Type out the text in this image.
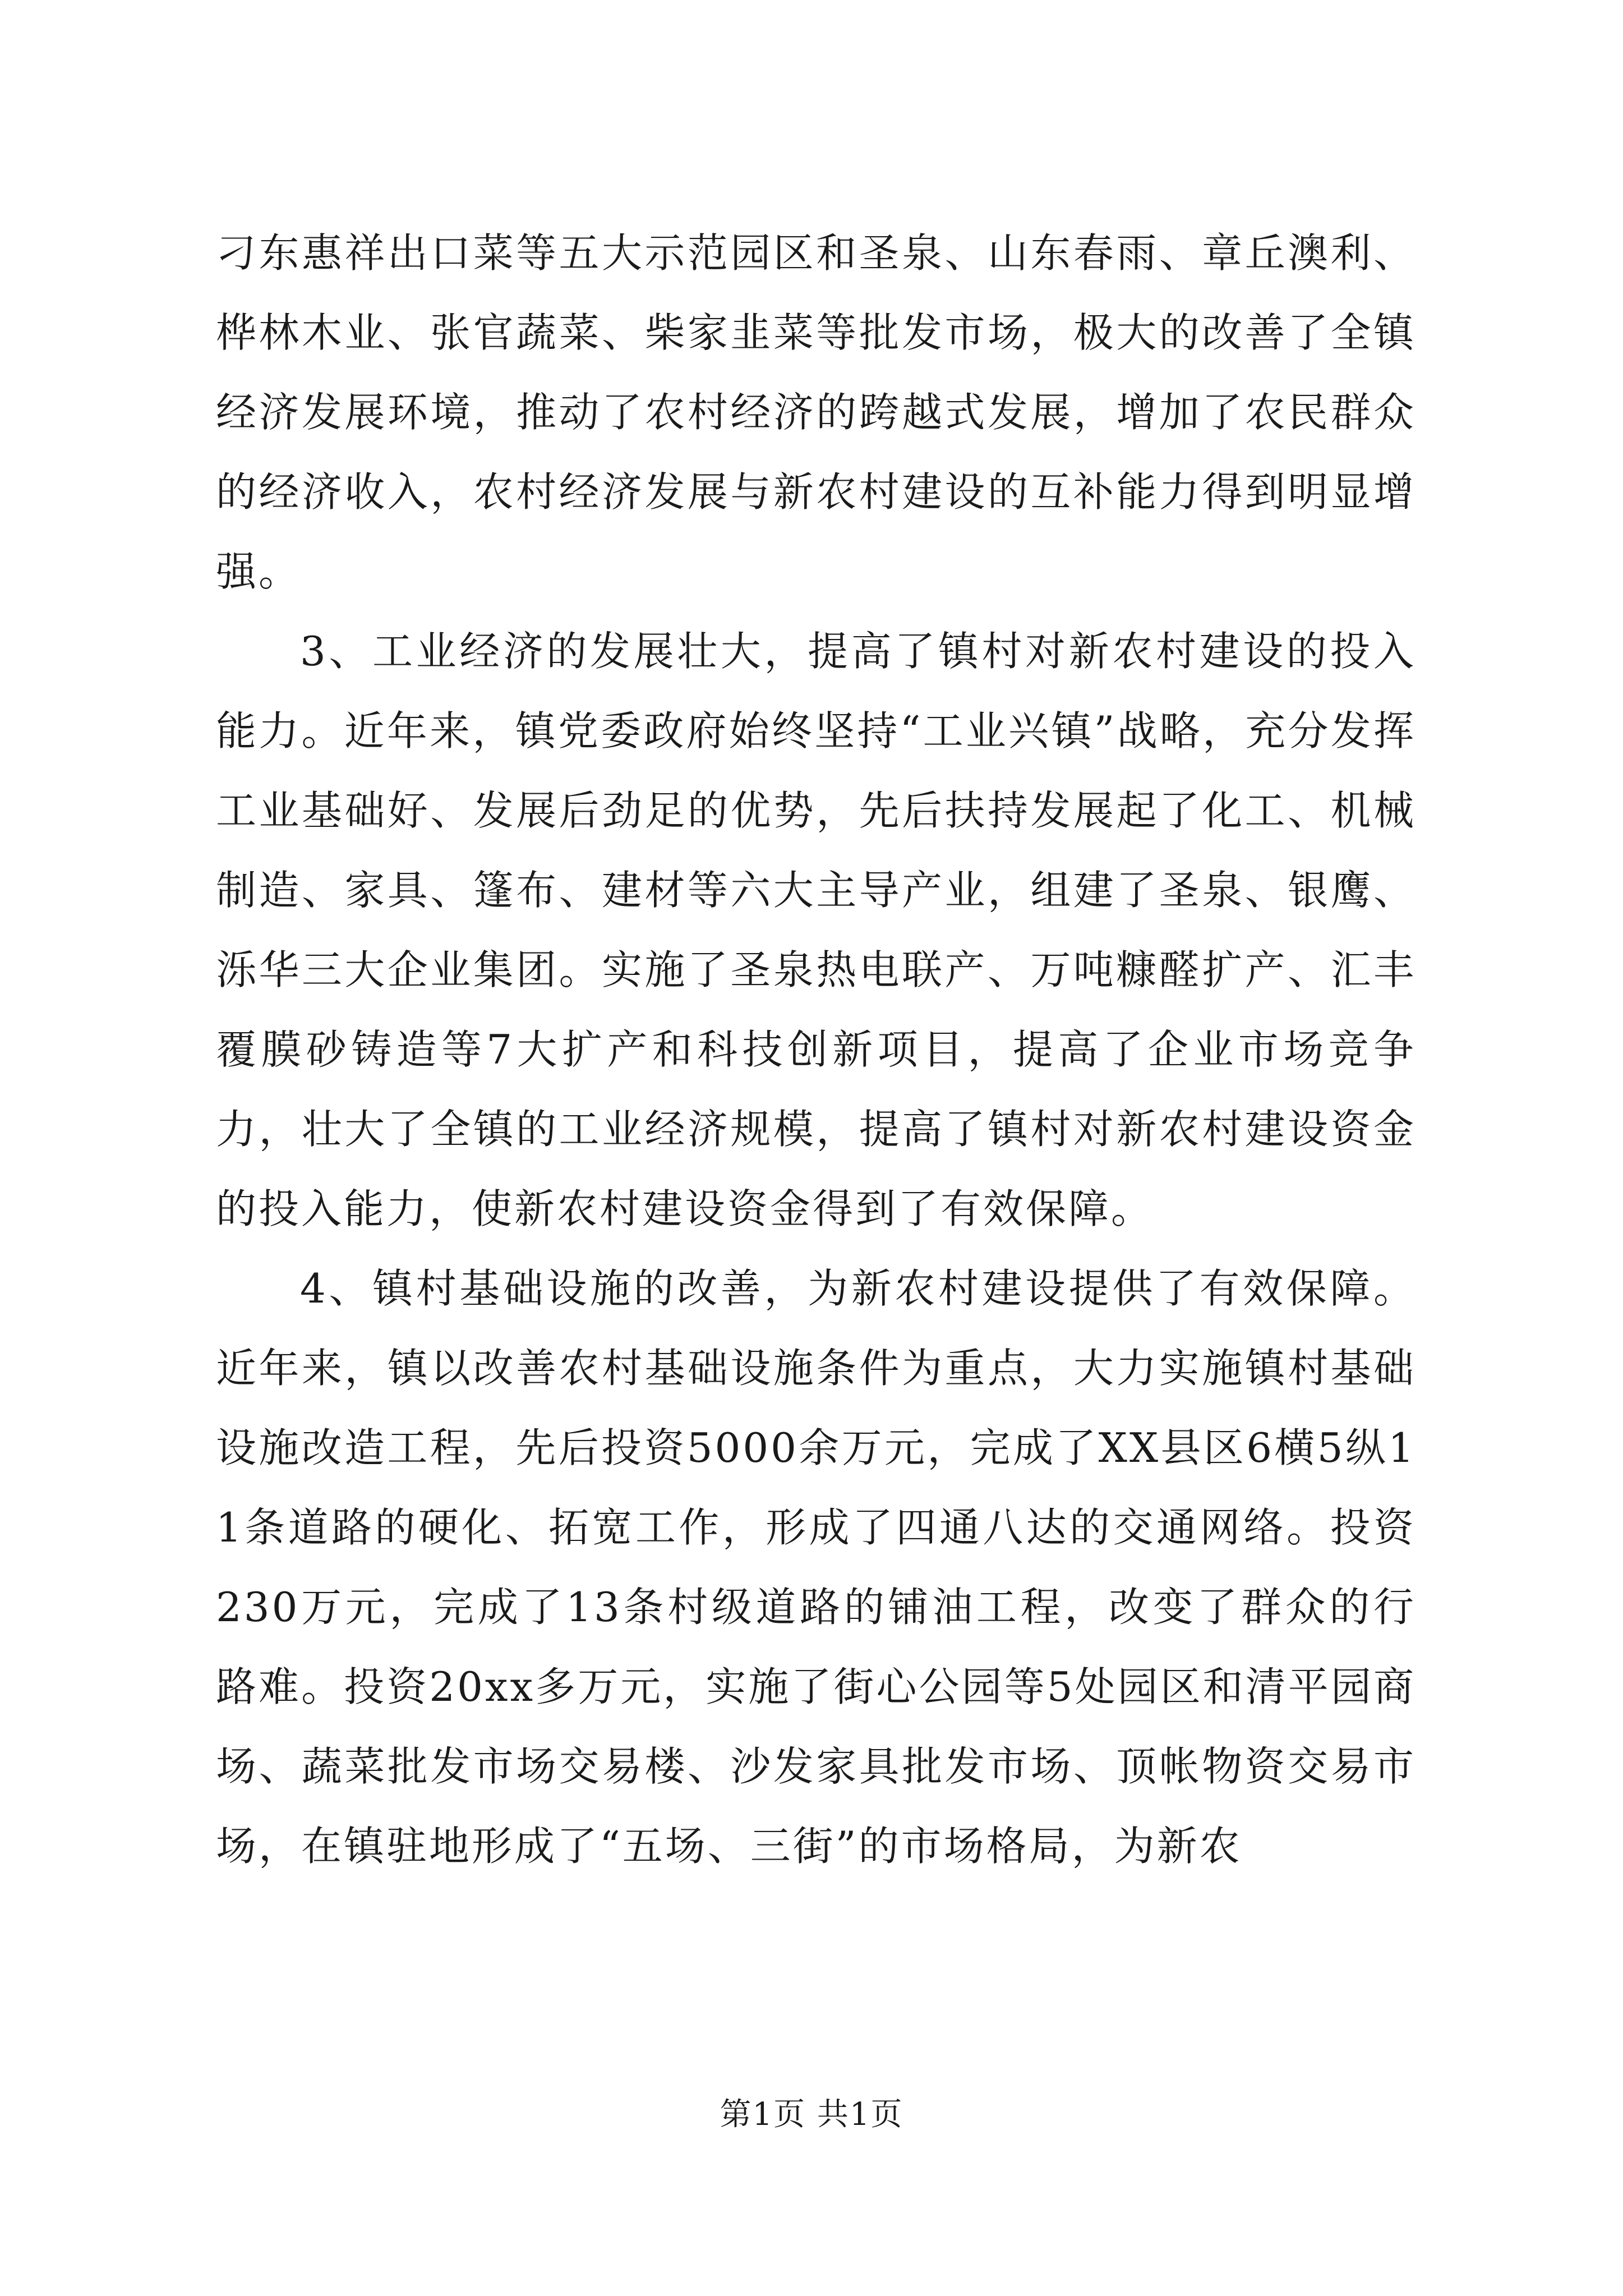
刁东惠祥出口菜等五大示范园区和圣泉、山东春雨、章丘澳利、桦林木业、张官蔬菜、柴家韭菜等批发市场，极大的改善了全镇经济发展环境，推动了农村经济的跨越式发展，增加了农民群众的经济收入，农村经济发展与新农村建设的互补能力得到明显增强。

3、工业经济的发展壮大，提高了镇村对新农村建设的投入能力。近年来，镇党委政府始终坚持“工业兴镇”战略，充分发挥工业基础好、发展后劲足的优势，先后扶持发展起了化工、机械制造、家具、篷布、建材等六大主导产业，组建了圣泉、银鹰、泺华三大企业集团。实施了圣泉热电联产、万吨糠醛扩产、汇丰覆膜砂铸造等7大扩产和科技创新项目，提高了企业市场竞争力，壮大了全镇的工业经济规模，提高了镇村对新农村建设资金的投入能力，使新农村建设资金得到了有效保障。

4、镇村基础设施的改善，为新农村建设提供了有效保障。近年来，镇以改善农村基础设施条件为重点，大力实施镇村基础设施改造工程，先后投资5000余万元，完成了XX县区6横5纵11条道路的硬化、拓宽工作，形成了四通八达的交通网络。投资230万元，完成了13条村级道路的铺油工程，改变了群众的行路难。投资20xx多万元，实施了街心公园等5处园区和清平园商场、蔬菜批发市场交易楼、沙发家具批发市场、顶帐物资交易市场，在镇驻地形成了“五场、三街”的市场格局，为新农

第1页 共1页
